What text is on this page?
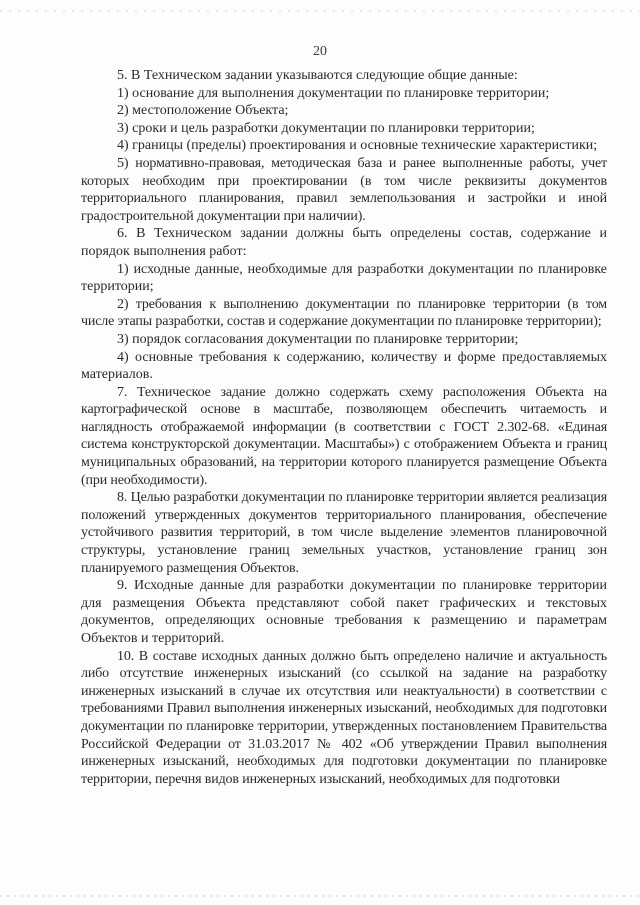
20

5. В Техническом задании указываются следующие общие данные:

1) основание для выполнения документации по планировке территории;

2) местоположение Объекта;

3) сроки и цель разработки документации по планировки территории;

4) границы (пределы) проектирования и основные технические характеристики;

5) нормативно-правовая, методическая база и ранее выполненные работы, учет которых необходим при проектировании (в том числе реквизиты документов территориального планирования, правил землепользования и застройки и иной градостроительной документации при наличии).

6. В Техническом задании должны быть определены состав, содержание и порядок выполнения работ:

1) исходные данные, необходимые для разработки документации по планировке территории;

2) требования к выполнению документации по планировке территории (в том числе этапы разработки, состав и содержание документации по планировке территории);

3) порядок согласования документации по планировке территории;

4) основные требования к содержанию, количеству и форме предоставляемых материалов.

7. Техническое задание должно содержать схему расположения Объекта на картографической основе в масштабе, позволяющем обеспечить читаемость и наглядность отображаемой информации (в соответствии с ГОСТ 2.302-68. «Единая система конструкторской документации. Масштабы») с отображением Объекта и границ муниципальных образований, на территории которого планируется размещение Объекта (при необходимости).

8. Целью разработки документации по планировке территории является реализация положений утвержденных документов территориального планирования, обеспечение устойчивого развития территорий, в том числе выделение элементов планировочной структуры, установление границ земельных участков, установление границ зон планируемого размещения Объектов.

9. Исходные данные для разработки документации по планировке территории для размещения Объекта представляют собой пакет графических и текстовых документов, определяющих основные требования к размещению и параметрам Объектов и территорий.

10. В составе исходных данных должно быть определено наличие и актуальность либо отсутствие инженерных изысканий (со ссылкой на задание на разработку инженерных изысканий в случае их отсутствия или неактуальности) в соответствии с требованиями Правил выполнения инженерных изысканий, необходимых для подготовки документации по планировке территории, утвержденных постановлением Правительства Российской Федерации от 31.03.2017 № 402 «Об утверждении Правил выполнения инженерных изысканий, необходимых для подготовки документации по планировке территории, перечня видов инженерных изысканий, необходимых для подготовки
